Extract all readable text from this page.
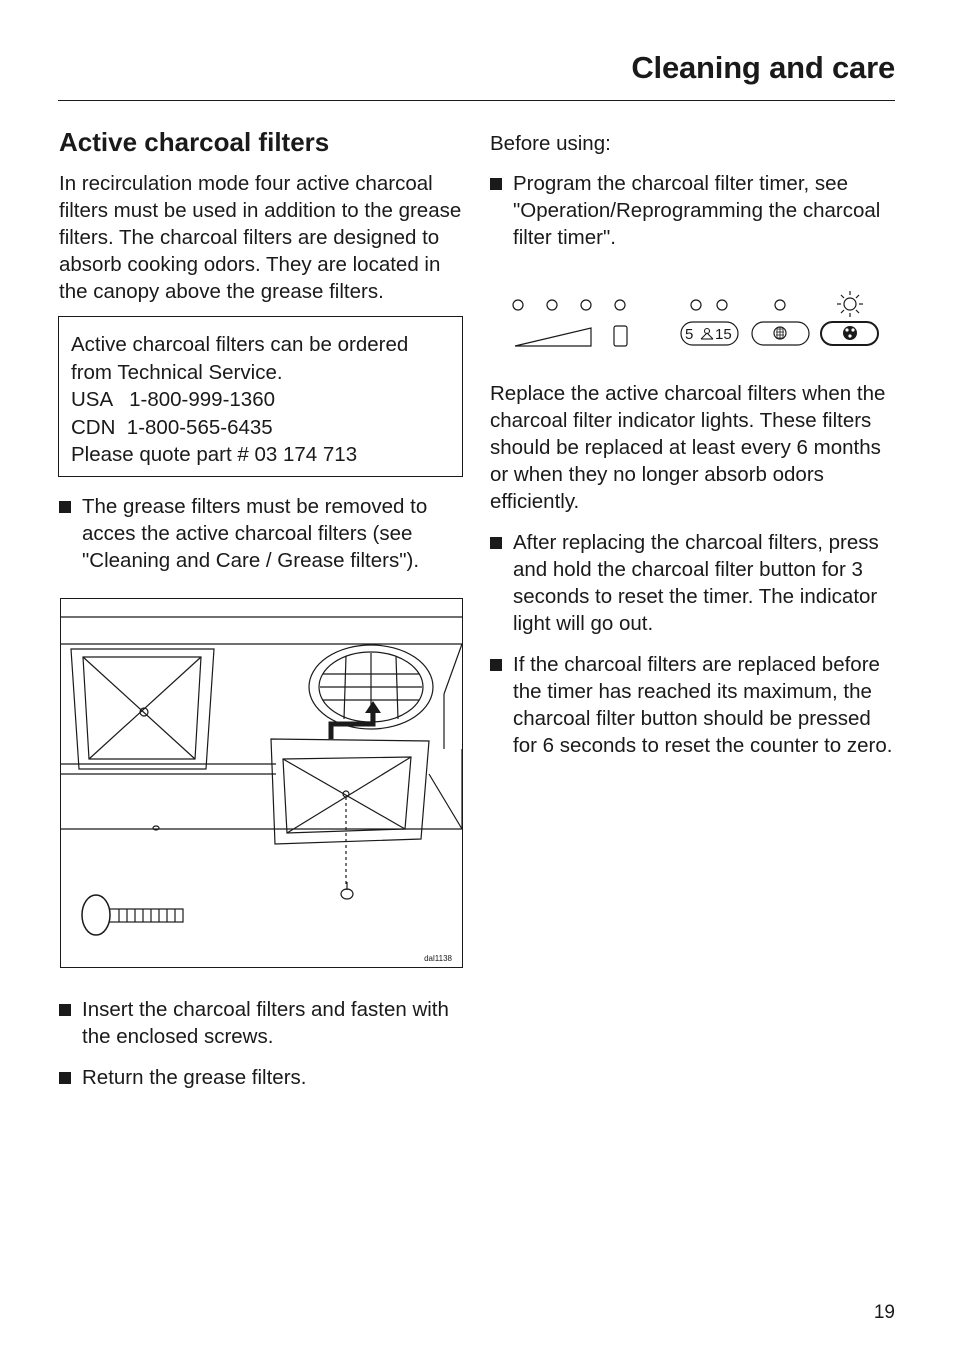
Cleaning and care
Active charcoal filters

In recirculation mode four active charcoal filters must be used in addition to the grease filters. The charcoal filters are designed to absorb cooking odors. They are located in the canopy above the grease filters.

Active charcoal filters can be ordered from Technical Service.

USA   1-800-999-1360

CDN  1-800-565-6435

Please quote part # 03 174 713

The grease filters must be removed to acces the active charcoal filters (see "Cleaning and Care / Grease filters").
dal1138
Insert the charcoal filters and fasten with the enclosed screws.
Return the grease filters.

Before using:

Program the charcoal filter timer, see "Operation/Reprogramming the charcoal filter timer".
5 15

Replace the active charcoal filters when the charcoal filter indicator lights. These filters should be replaced at least every 6 months or when they no longer absorb odors efficiently.

After replacing the charcoal filters, press and hold the charcoal filter button for 3 seconds to reset the timer. The indicator light will go out.
If the charcoal filters are replaced before the timer has reached its maximum, the charcoal filter button should be pressed for 6 seconds to reset the counter to zero.
19
